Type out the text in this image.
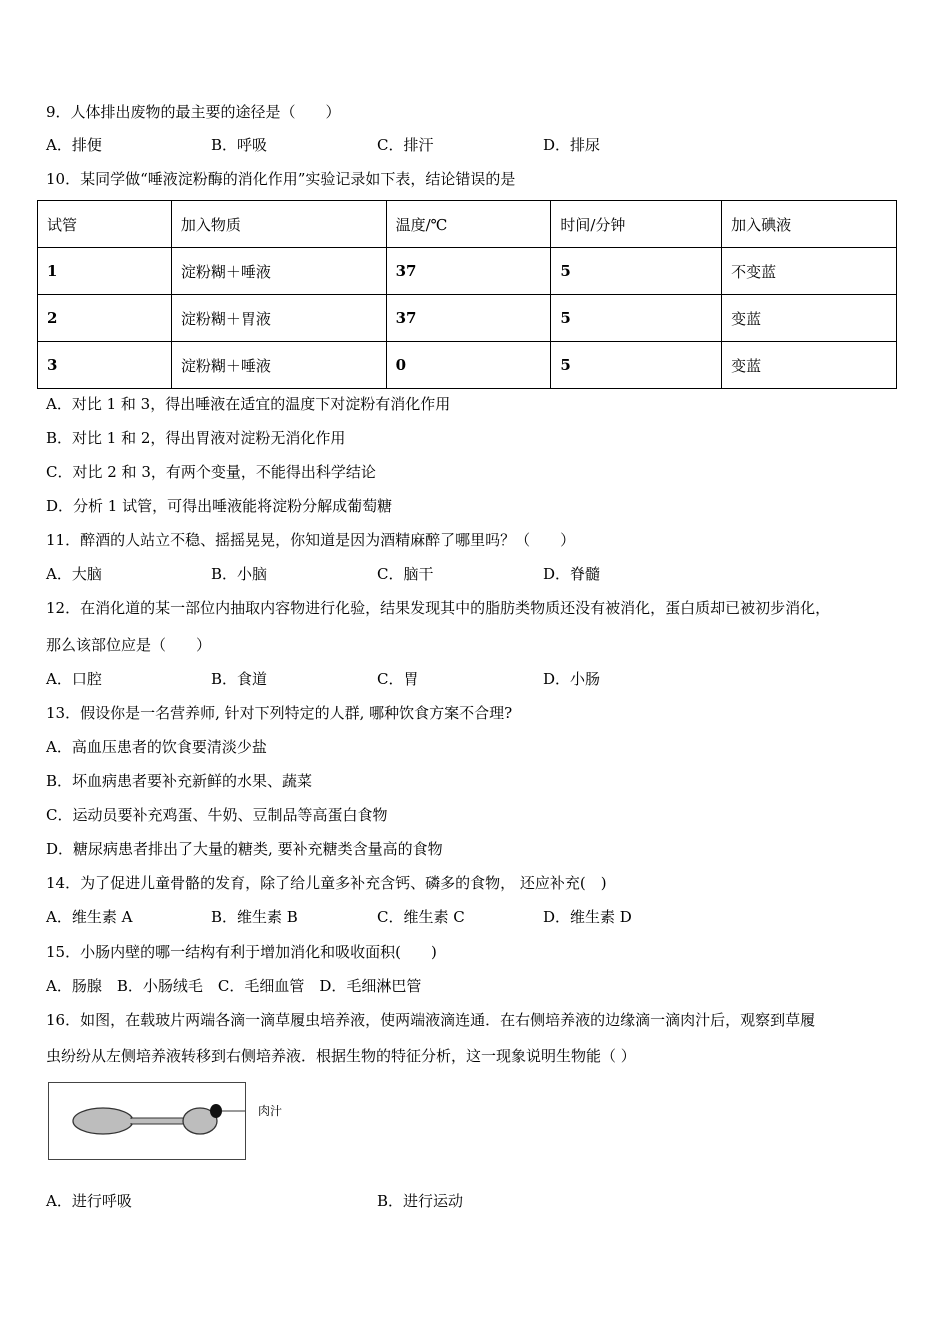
9．人体排出废物的最主要的途径是（　　）
A．排便	B．呼吸	C．排汗	D．排尿
10．某同学做“唾液淀粉酶的消化作用”实验记录如下表，结论错误的是
试管	加入物质	温度/℃	时间/分钟	加入碘液
1	淀粉糊＋唾液	37	5	不变蓝
2	淀粉糊＋胃液	37	5	变蓝
3	淀粉糊＋唾液	0	5	变蓝
A．对比 1 和 3，得出唾液在适宜的温度下对淀粉有消化作用
B．对比 1 和 2，得出胃液对淀粉无消化作用
C．对比 2 和 3，有两个变量，不能得出科学结论
D．分析 1 试管，可得出唾液能将淀粉分解成葡萄糖
11．醉酒的人站立不稳、摇摇晃晃，你知道是因为酒精麻醉了哪里吗？（　　）
A．大脑	B．小脑	C．脑干	D．脊髓
12．在消化道的某一部位内抽取内容物进行化验，结果发现其中的脂肪类物质还没有被消化，蛋白质却已被初步消化，
那么该部位应是（　　）
A．口腔	B．食道	C．胃	D．小肠
13．假设你是一名营养师, 针对下列特定的人群, 哪种饮食方案不合理?
A．高血压患者的饮食要清淡少盐
B．坏血病患者要补充新鲜的水果、蔬菜
C．运动员要补充鸡蛋、牛奶、豆制品等高蛋白食物
D．糖尿病患者排出了大量的糖类, 要补充糖类含量高的食物
14．为了促进儿童骨骼的发育，除了给儿童多补充含钙、磷多的食物， 还应补充(　)
A．维生素 A	B．维生素 B	C．维生素 C	D．维生素 D
15．小肠内壁的哪一结构有利于增加消化和吸收面积(　　)
A．肠腺　B．小肠绒毛　C．毛细血管　D．毛细淋巴管
16．如图，在载玻片两端各滴一滴草履虫培养液，使两端液滴连通．在右侧培养液的边缘滴一滴肉汁后，观察到草履
虫纷纷从左侧培养液转移到右侧培养液．根据生物的特征分析，这一现象说明生物能（ ）
肉汁
A．进行呼吸	B．进行运动
